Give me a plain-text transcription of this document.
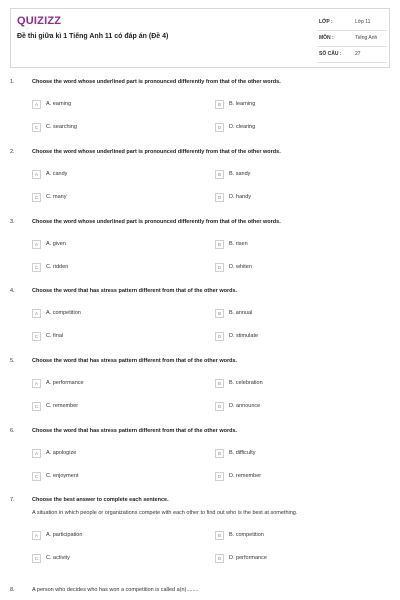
QUIZIZZ
Đề thi giữa kì 1 Tiếng Anh 11 có đáp án (Đề 4)
LỚP :	Lớp 11
MÔN :	Tiếng Anh
SỐ CÂU :	27
1.	Choose the word whose underlined part is pronounced differently from that of the other words.
A	A. earning	B	B. learning
C	C. searching	D	D. clearing
2.	Choose the word whose underlined part is pronounced differently from that of the other words.
A	A. candy	B	B. sandy
C	C. many	D	D. handy
3.	Choose the word whose underlined part is pronounced differently from that of the other words.
A	A. given	B	B. risen
C	C. ridden	D	D. whiten
4.	Choose the word that has stress pattern different from that of the other words.
A	A. competition	B	B. annual
C	C. final	D	D. stimulate
5.	Choose the word that has stress pattern different from that of the other words.
A	A. performance	B	B. celebration
C	C. remember	D	D. announce
6.	Choose the word that has stress pattern different from that of the other words.
A	A. apologize	B	B. difficulty
C	C. enjoyment	D	D. remember
7.	Choose the best answer to complete each sentence.
A situation in which people or organizations compete with each other to find out who is the best at something.
A	A. participation	B	B. competition
C	C. activity	D	D. performance
8.	A person who decides who has won a competition is called a(n)........
